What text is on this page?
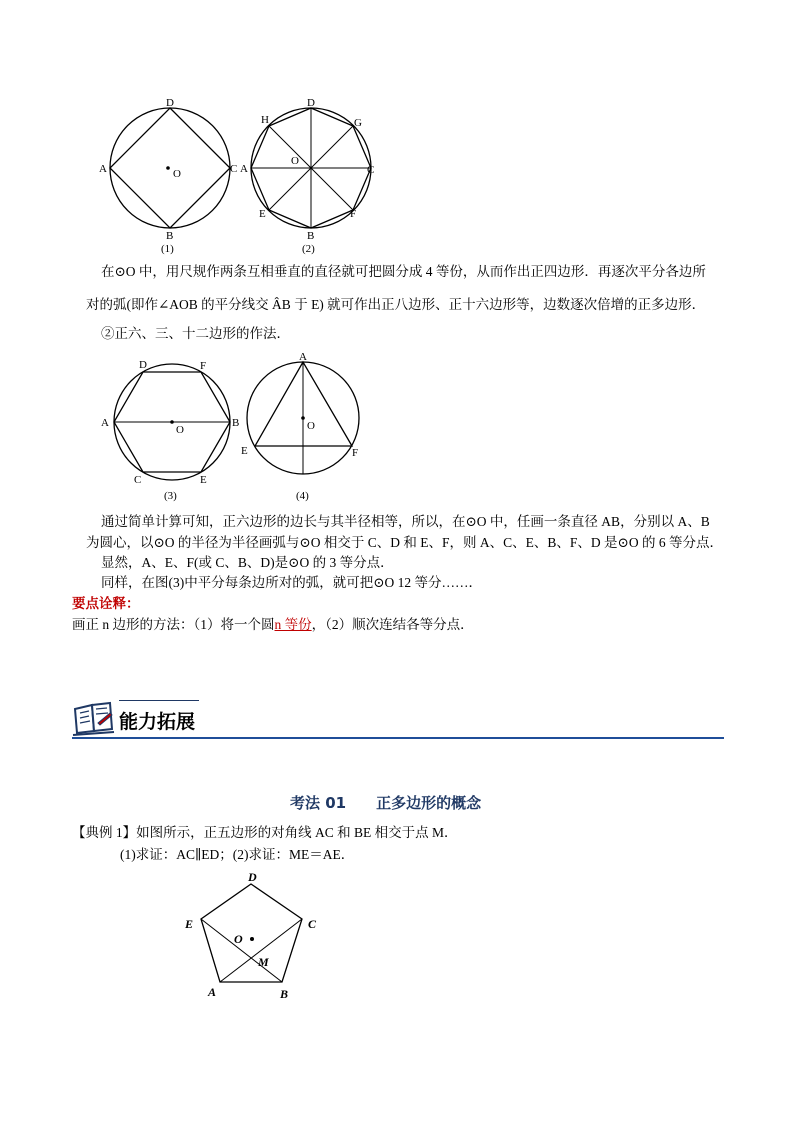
D
A	C
B
O
(1)
D
H	G
A	C
O
E	F
B
(2)
在⊙O 中，用尺规作两条互相垂直的直径就可把圆分成 4 等份，从而作出正四边形．再逐次平分各边所
对的弧(即作∠AOB 的平分线交 ÂB 于 E) 就可作出正八边形、正十六边形等，边数逐次倍增的正多边形．
②正六、三、十二边形的作法．
D	F
A	B
O
C	E
(3)
A
O
E	F
(4)
通过简单计算可知，正六边形的边长与其半径相等，所以，在⊙O 中，任画一条直径 AB，分别以 A、B
为圆心，以⊙O 的半径为半径画弧与⊙O 相交于 C、D 和 E、F，则 A、C、E、B、F、D 是⊙O 的 6 等分点．
显然，A、E、F(或 C、B、D)是⊙O 的 3 等分点．
同样，在图(3)中平分每条边所对的弧，就可把⊙O 12 等分……．
要点诠释：
画正 n 边形的方法：（1）将一个圆n 等份，（2）顺次连结各等分点．
能力拓展
考法 01 正多边形的概念
【典例 1】如图所示，正五边形的对角线 AC 和 BE 相交于点 M．
(1)求证：AC∥ED；(2)求证：ME＝AE．
D
E	C
O
M
A	B
